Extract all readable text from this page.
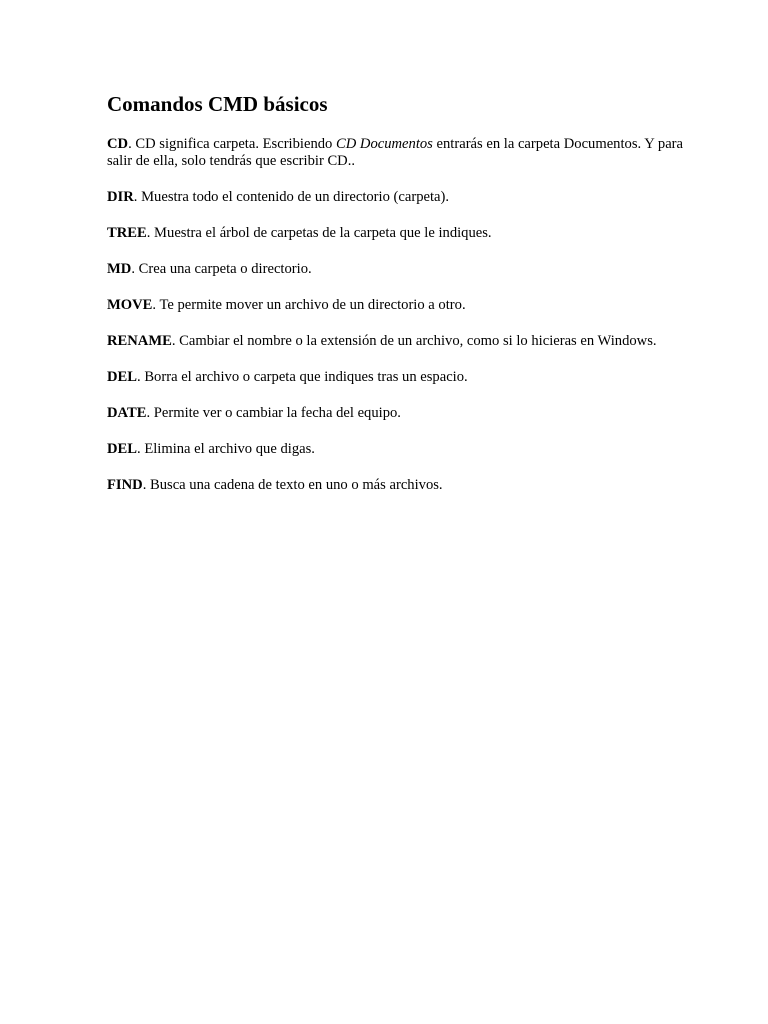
Comandos CMD básicos

CD. CD significa carpeta. Escribiendo CD Documentos entrarás en la carpeta Documentos. Y para salir de ella, solo tendrás que escribir CD..

DIR. Muestra todo el contenido de un directorio (carpeta).

TREE. Muestra el árbol de carpetas de la carpeta que le indiques.

MD. Crea una carpeta o directorio.

MOVE. Te permite mover un archivo de un directorio a otro.

RENAME. Cambiar el nombre o la extensión de un archivo, como si lo hicieras en Windows.

DEL. Borra el archivo o carpeta que indiques tras un espacio.

DATE. Permite ver o cambiar la fecha del equipo.

DEL. Elimina el archivo que digas.

FIND. Busca una cadena de texto en uno o más archivos.
